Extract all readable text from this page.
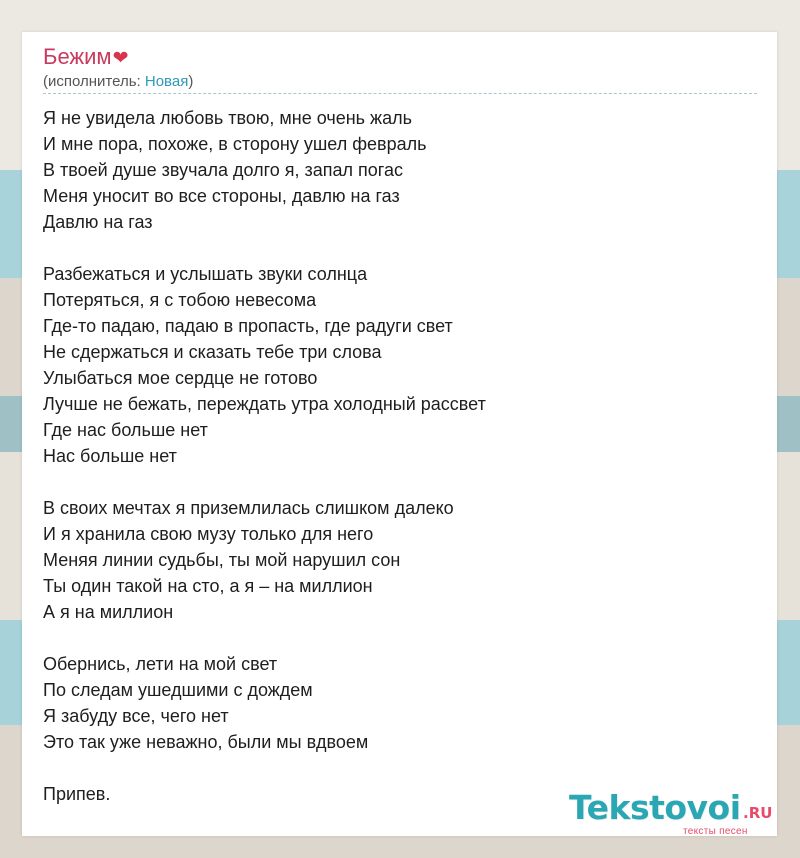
Бежим❤
(исполнитель: Новая)
Я не увидела любовь твою, мне очень жаль
И мне пора, похоже, в сторону ушел февраль
В твоей душе звучала долго я, запал погас
Меня уносит во все стороны, давлю на газ
Давлю на газ
Разбежаться и услышать звуки солнца
Потеряться, я с тобою невесома
Где-то падаю, падаю в пропасть, где радуги свет
Не сдержаться и сказать тебе три слова
Улыбаться мое сердце не готово
Лучше не бежать, переждать утра холодный рассвет
Где нас больше нет
Нас больше нет
В своих мечтах я приземлилась слишком далеко
И я хранила свою музу только для него
Меняя линии судьбы, ты мой нарушил сон
Ты один такой на сто, а я – на миллион
А я на миллион
Обернись, лети на мой свет
По следам ушедшими с дождем
Я забуду все, чего нет
Это так уже неважно, были мы вдвоем
Припев.	Tekstovoi .RU
тексты песен
